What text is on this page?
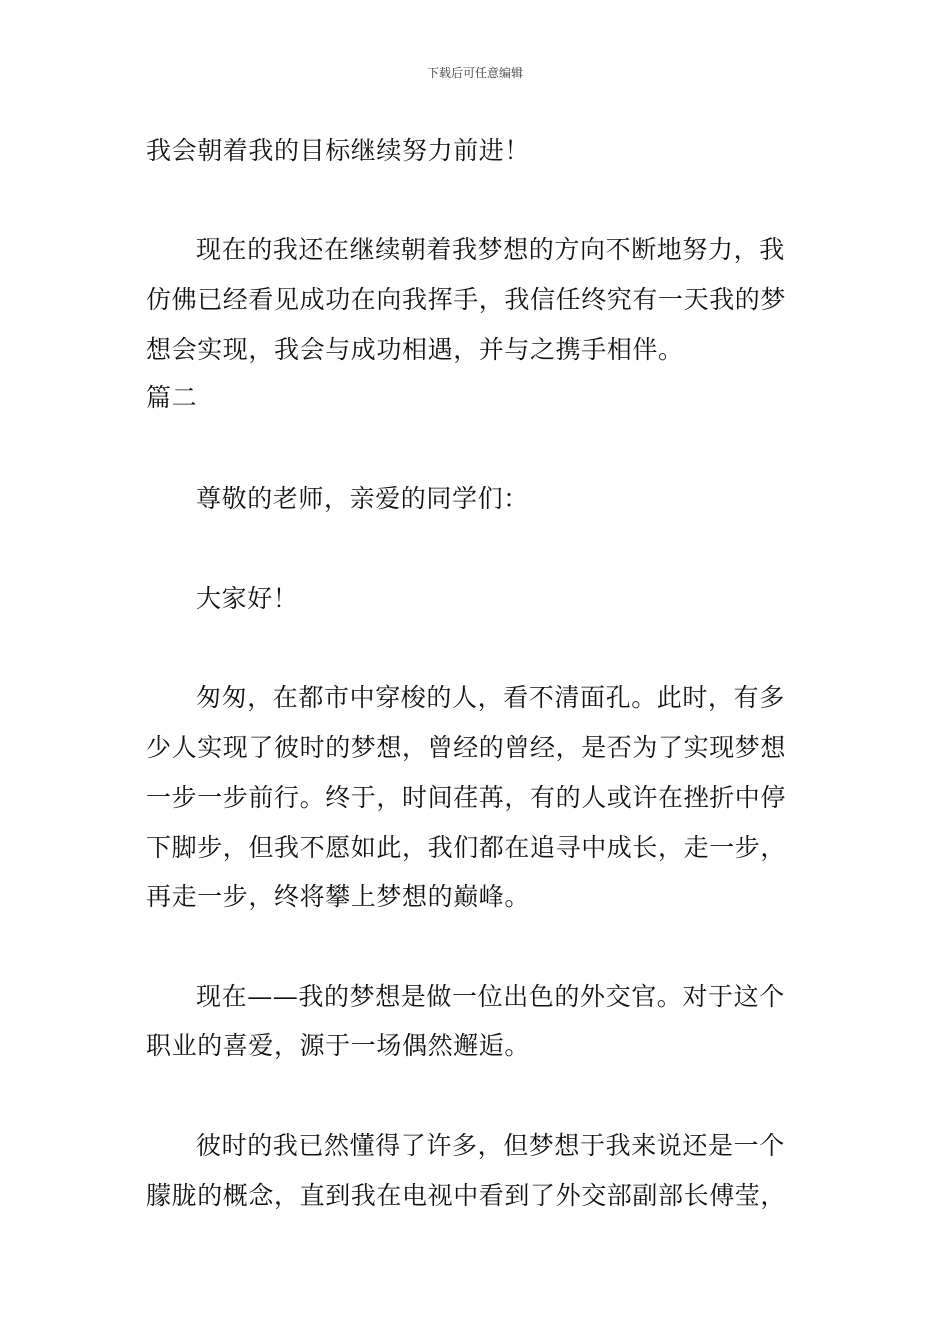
下载后可任意编辑
我会朝着我的目标继续努力前进！
现在的我还在继续朝着我梦想的方向不断地努力，我
仿佛已经看见成功在向我挥手，我信任终究有一天我的梦
想会实现，我会与成功相遇，并与之携手相伴。
篇二
尊敬的老师，亲爱的同学们：
大家好！
匆匆，在都市中穿梭的人，看不清面孔。此时，有多
少人实现了彼时的梦想，曾经的曾经，是否为了实现梦想
一步一步前行。终于，时间荏苒，有的人或许在挫折中停
下脚步，但我不愿如此，我们都在追寻中成长，走一步，
再走一步，终将攀上梦想的巅峰。
现在——我的梦想是做一位出色的外交官。对于这个
职业的喜爱，源于一场偶然邂逅。
彼时的我已然懂得了许多，但梦想于我来说还是一个
朦胧的概念，直到我在电视中看到了外交部副部长傅莹，
